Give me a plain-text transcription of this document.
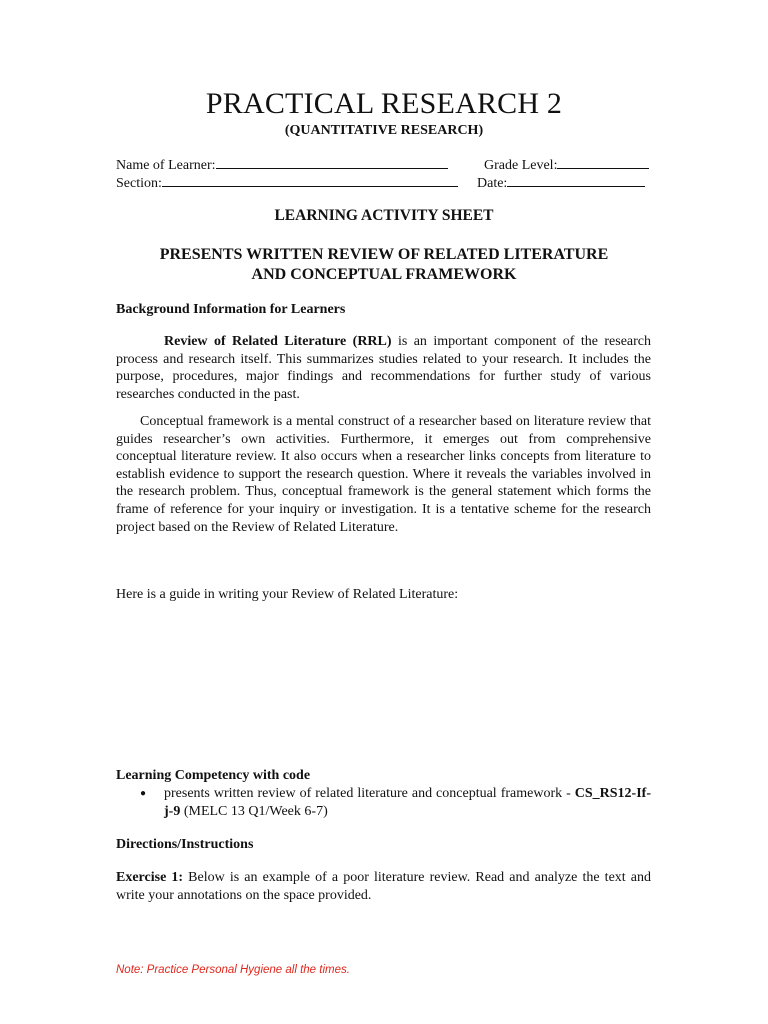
PRACTICAL RESEARCH 2
(QUANTITATIVE RESEARCH)
Name of Learner:	Grade Level:
Section:	Date:
LEARNING ACTIVITY SHEET
PRESENTS WRITTEN REVIEW OF RELATED LITERATURE
AND CONCEPTUAL FRAMEWORK
Background Information for Learners

Review of Related Literature (RRL) is an important component of the research process and research itself. This summarizes studies related to your research. It includes the purpose, procedures, major findings and recommendations for further study of various researches conducted in the past.

Conceptual framework is a mental construct of a researcher based on literature review that guides researcher’s own activities. Furthermore, it emerges out from comprehensive conceptual literature review. It also occurs when a researcher links concepts from literature to establish evidence to support the research question. Where it reveals the variables involved in the research problem. Thus, conceptual framework is the general statement which forms the frame of reference for your inquiry or investigation. It is a tentative scheme for the research project based on the Review of Related Literature.

Here is a guide in writing your Review of Related Literature:
Learning Competency with code
● presents written review of related literature and conceptual framework - CS_RS12-If-j-9 (MELC 13 Q1/Week 6-7)
Directions/Instructions

Exercise 1: Below is an example of a poor literature review. Read and analyze the text and write your annotations on the space provided.

Note: Practice Personal Hygiene all the times.
